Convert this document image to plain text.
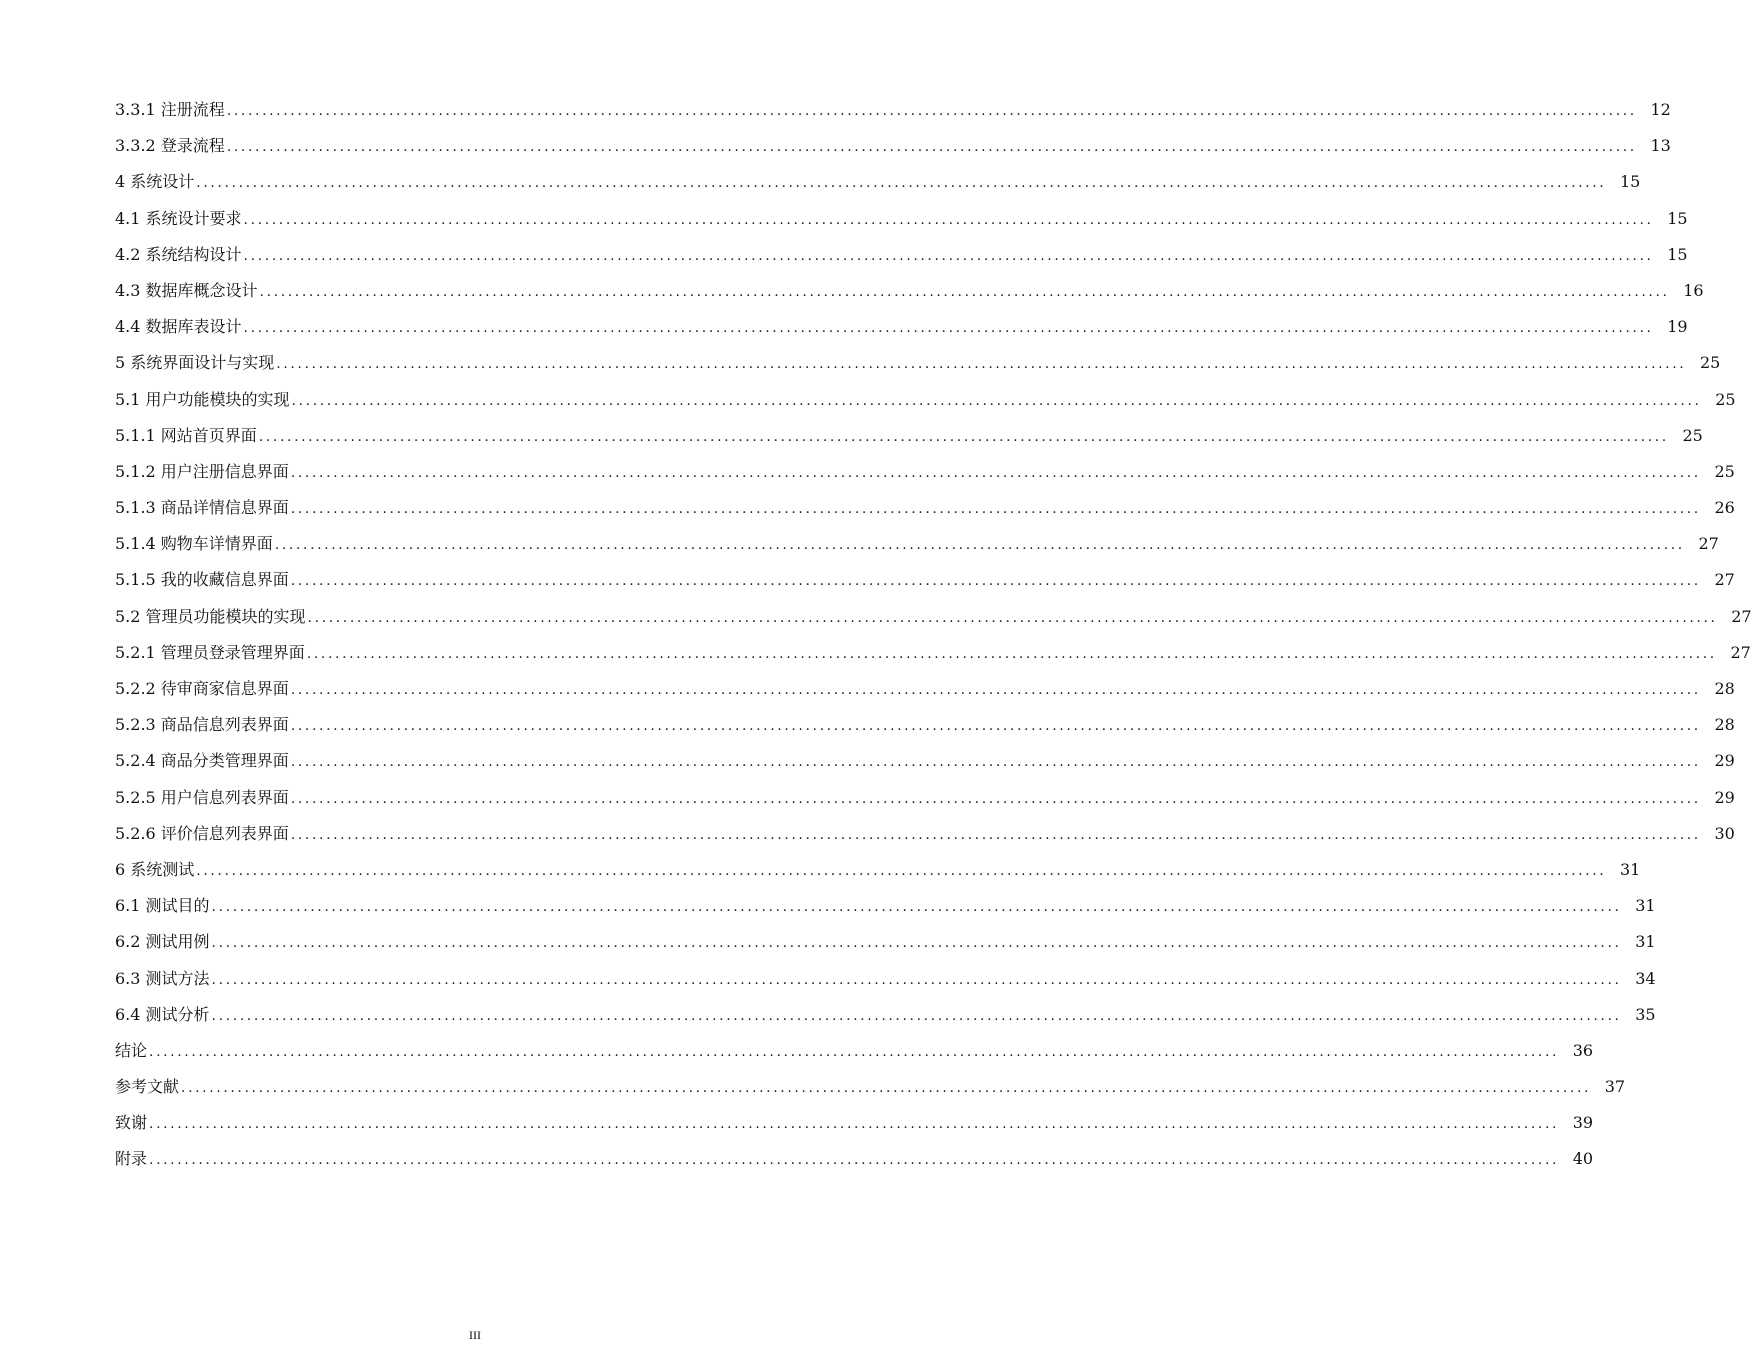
3.3.1 注册流程 ........................................................................................................................................................................................................ 12
3.3.2 登录流程 ........................................................................................................................................................................................................ 13
4 系统设计 ........................................................................................................................................................................................................ 15
4.1 系统设计要求 ........................................................................................................................................................................................................ 15
4.2 系统结构设计 ........................................................................................................................................................................................................ 15
4.3 数据库概念设计 ........................................................................................................................................................................................................ 16
4.4 数据库表设计 ........................................................................................................................................................................................................ 19
5 系统界面设计与实现 ........................................................................................................................................................................................................ 25
5.1 用户功能模块的实现 ........................................................................................................................................................................................................ 25
5.1.1 网站首页界面 ........................................................................................................................................................................................................ 25
5.1.2 用户注册信息界面 ........................................................................................................................................................................................................ 25
5.1.3 商品详情信息界面 ........................................................................................................................................................................................................ 26
5.1.4 购物车详情界面 ........................................................................................................................................................................................................ 27
5.1.5 我的收藏信息界面 ........................................................................................................................................................................................................ 27
5.2 管理员功能模块的实现 ........................................................................................................................................................................................................ 27
5.2.1 管理员登录管理界面 ........................................................................................................................................................................................................ 27
5.2.2 待审商家信息界面 ........................................................................................................................................................................................................ 28
5.2.3 商品信息列表界面 ........................................................................................................................................................................................................ 28
5.2.4 商品分类管理界面 ........................................................................................................................................................................................................ 29
5.2.5 用户信息列表界面 ........................................................................................................................................................................................................ 29
5.2.6 评价信息列表界面 ........................................................................................................................................................................................................ 30
6 系统测试 ........................................................................................................................................................................................................ 31
6.1 测试目的 ........................................................................................................................................................................................................ 31
6.2 测试用例 ........................................................................................................................................................................................................ 31
6.3 测试方法 ........................................................................................................................................................................................................ 34
6.4 测试分析 ........................................................................................................................................................................................................ 35
结论 ........................................................................................................................................................................................................ 36
参考文献 ........................................................................................................................................................................................................ 37
致谢 ........................................................................................................................................................................................................ 39
附录 ........................................................................................................................................................................................................ 40
III
